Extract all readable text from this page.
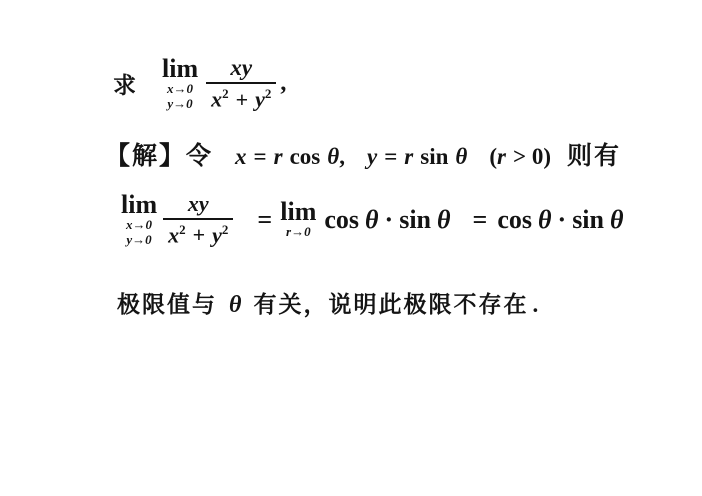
求
lim
x→0
$y\to 0 \frac{xy}{x^2 + y^2}$ ,
【解】 令 x = r cos θ , y = r sin θ ( r > 0) 则有
lim
x→0
$y\to 0 \frac{xy}{x^2 + y^2} = \lim$
r→0 cos θ · sin θ = cos θ · sin θ
极限值与 θ 有关，说明此极限不存在 .
